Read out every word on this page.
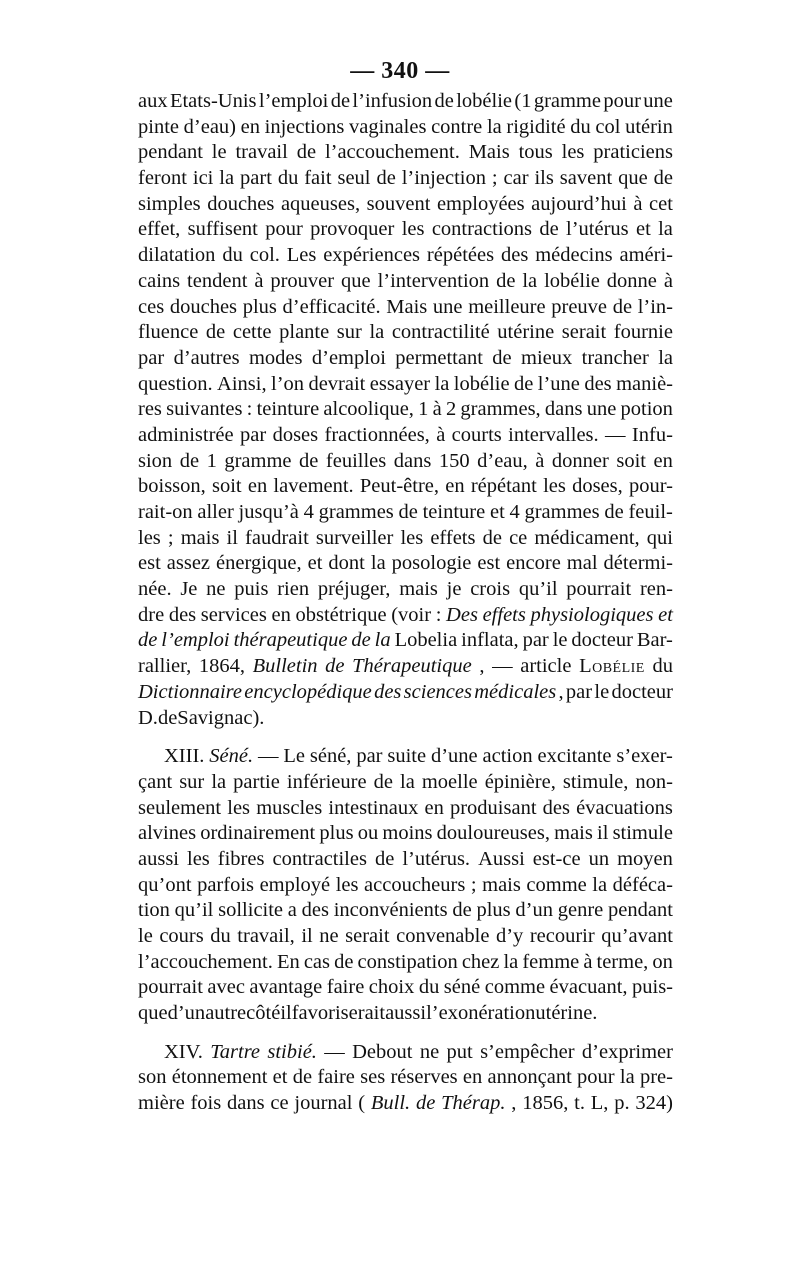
— 340 —
aux Etats-Unis l’emploi de l’infusion de lobélie (1 gramme pour une
pinte d’eau) en injections vaginales contre la rigidité du col utérin
pendant le travail de l’accouchement. Mais tous les praticiens
feront ici la part du fait seul de l’injection ; car ils savent que de
simples douches aqueuses, souvent employées aujourd’hui à cet
effet, suffisent pour provoquer les contractions de l’utérus et la
dilatation du col. Les expériences répétées des médecins améri-
cains tendent à prouver que l’intervention de la lobélie donne à
ces douches plus d’efficacité. Mais une meilleure preuve de l’in-
fluence de cette plante sur la contractilité utérine serait fournie
par d’autres modes d’emploi permettant de mieux trancher la
question. Ainsi, l’on devrait essayer la lobélie de l’une des maniè-
res suivantes : teinture alcoolique, 1 à 2 grammes, dans une potion
administrée par doses fractionnées, à courts intervalles. — Infu-
sion de 1 gramme de feuilles dans 150 d’eau, à donner soit en
boisson, soit en lavement. Peut-être, en répétant les doses, pour-
rait-on aller jusqu’à 4 grammes de teinture et 4 grammes de feuil-
les ; mais il faudrait surveiller les effets de ce médicament, qui
est assez énergique, et dont la posologie est encore mal détermi-
née. Je ne puis rien préjuger, mais je crois qu’il pourrait ren-
dre des services en obstétrique (voir : Des effets physiologiques et
de l’emploi thérapeutique de la Lobelia inflata, par le docteur Bar-
rallier, 1864, Bulletin de Thérapeutique , — article Lobélie du
Dictionnaire encyclopédique des sciences médicales , par le docteur
D. de Savignac).
XIII. Séné. — Le séné, par suite d’une action excitante s’exer-
çant sur la partie inférieure de la moelle épinière, stimule, non-
seulement les muscles intestinaux en produisant des évacuations
alvines ordinairement plus ou moins douloureuses, mais il stimule
aussi les fibres contractiles de l’utérus. Aussi est-ce un moyen
qu’ont parfois employé les accoucheurs ; mais comme la défécа-
tion qu’il sollicite a des inconvénients de plus d’un genre pendant
le cours du travail, il ne serait convenable d’y recourir qu’avant
l’accouchement. En cas de constipation chez la femme à terme, on
pourrait avec avantage faire choix du séné comme évacuant, puis-
que d’un autre côté il favoriserait aussi l’exonération utérine.
XIV. Tartre stibié. — Debout ne put s’empêcher d’exprimer
son étonnement et de faire ses réserves en annonçant pour la pre-
mière fois dans ce journal ( Bull. de Thérap. , 1856, t. L, p. 324)
